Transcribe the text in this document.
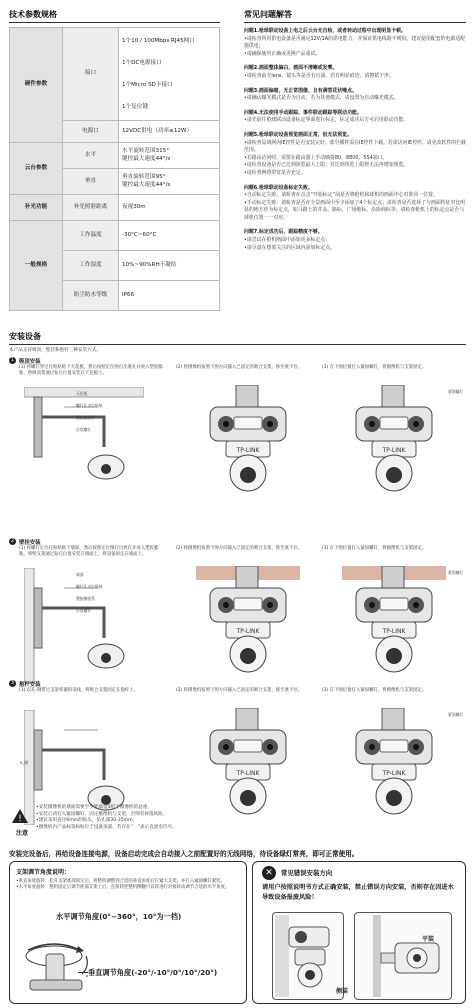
技术参数规格
硬件参数	接口	1个10 / 100Mbps RJ45网口
1个DC电源接口
1个Micro SD卡接口
1个复位键

	电源口	12VDC供电（功率≤12W）
云台参数	水平	水平旋转范围315°
键控最大速度44°/s

	垂直	垂直旋转范围95°
键控最大速度44°/s

补光功能	补光照射距离	夜视30m
一般规格	工作温度	-30°C~60°C
	工作湿度	10%~90%RH不凝结
	防尘防水等级	IP66
常见问题解答
问题1.枪球联动设备上电之后云台无自检，或者转动过程中出现明显卡顿。
•请检查所用供电设备是否满足12V/1A的供电能力，并保证供电线路不明短。建议使用配套的电源适配器供电；
•请确保使用正确或更换产品重试。
问题2.画面整体偏白，画面不清晰或发雾。
•请检查前壳lens、镜头等是否有污渍，若有明显痕迹，请擦拭干净。
问题3.画面偏暗，无正常图像，且有满雪花状噪点。
•请确认曝光模式是否为自动，若为其他模式，请设置为自动曝光模式。
问题4.无法使用手动跟踪、事件联动跟踪等联动功能。
•请先前往枪球联动设备标定界面进行标定，标定成功后方可启用联动功能。
问题5.枪球联动设备预览画面正常，但无法预览。
•请检查局域网内IE控件是否安装完好；部分插件需在IE控件下载，若需访问IE控件，请更改软件的拦截范围。
•若路由访问时，需要在路由器上手动映射80、8800、554端口。
•请检查设备是否已达到预览最大上限；若达到预览上限将无法再增加预览。
•请检查网络带宽是否充足。
问题6.枪球联动设备标定失败。
•自动标定失败：请检查在点击“开始标定”前是否将枪机和球机的画面中心对准同一位置。
•手动标定失败：请检查是否在全景画面中至少添加了4个标定点；请检查是否选择了与画面特征对比明显的地方作为标定点，如马路上的井盖、路标、广场地标、沿街商标等；请检查枪机上的标定点是否与球机位置一一对应。
问题7.标定成功后，跟踪精度不够。
•请尝试在枪机画面中添加更多标定点；
•请尽量在想要关注的区域内添加标定点。
安装设备
本产品支持吸顶、壁挂和抱杆三种安装方式。
1 吸顶安装
(1) 将螺钉穿过孔贴粘贴于天花板，然后按照定位图打出底孔并放入塑胶膨胀，将吸顶架通过钻孔位置安装在天花板上。
(2) 将摄像机按照下图方向插入已固定的吸合支架，推至底卡住。	(3) 在下图位置打入紧固螺钉，将摄像机与支架固定。
天花板
螺钉孔定位贴纸
塑胶膨胀管
自攻螺钉
紧固螺钉
TP-LINK	TP-LINK
2 壁挂安装
(1) 将螺钉定位孔贴粘贴于墙面，然后按照定位图打出底孔并放入塑胶膨胀，将壁支架通过钻孔位置安装在墙面上，将设备固定在墙面上。
(2) 将摄像机按照下图方向插入已固定的吸合支架，推至底卡住。	(3) 在下图位置打入紧固螺钉，将摄像机与支架固定。
墙面
螺钉孔定位贴纸
塑胶膨胀管
自攻螺钉
紧固螺钉
TP-LINK	TP-LINK
3 抱杆安装
(1) 以孔-钢带过支架将器的讯线，将吸合支架固定在抱杆上。	(2) 将摄像机按照下图方向插入已固定的吸合支架，推至底卡住。	(3) 在下图位置打入紧固螺钉，将摄像机与支架固定。
S_钢
紧固螺钉
TP-LINK	TP-LINK
!
注意
•安装摄像机的墙面需要至少能承受3倍于摄像机的总重。
•安装后请打入紧固螺钉，固定摄像机与支架，否则有掉落风险。
•建议采用直径6mm的钻头，钻孔深30-35mm。
•摄像机内产品标签标贴位于设备顶部，若存在“　”表示直流电符号。
安装完设备后，再给设备连接电源，设备启动完成会自动接入之前配置好的无线网络，待设备绿灯常亮，即可正常使用。
支架调节角度说明：
•垂直角度旋转：松开支架底部固定后，将整机调整到合适的垂直角度后拧紧大支架，并打入紧固螺钉紧装。
•水平角度旋转：整机固定后调节底部支架上后，直接转控整机侧翻可以转进行对接转动调节合适的水平角度。
水平调节角度(0°~360°，10°为一档)
垂直调节角度(-20°/-10°/0°/10°/20°)
✕	常见错误安装方向
请用户按照说明书方式正确安装，禁止错误方向安装，否则存在因进水导致设备报废风险！
侧装
平装
